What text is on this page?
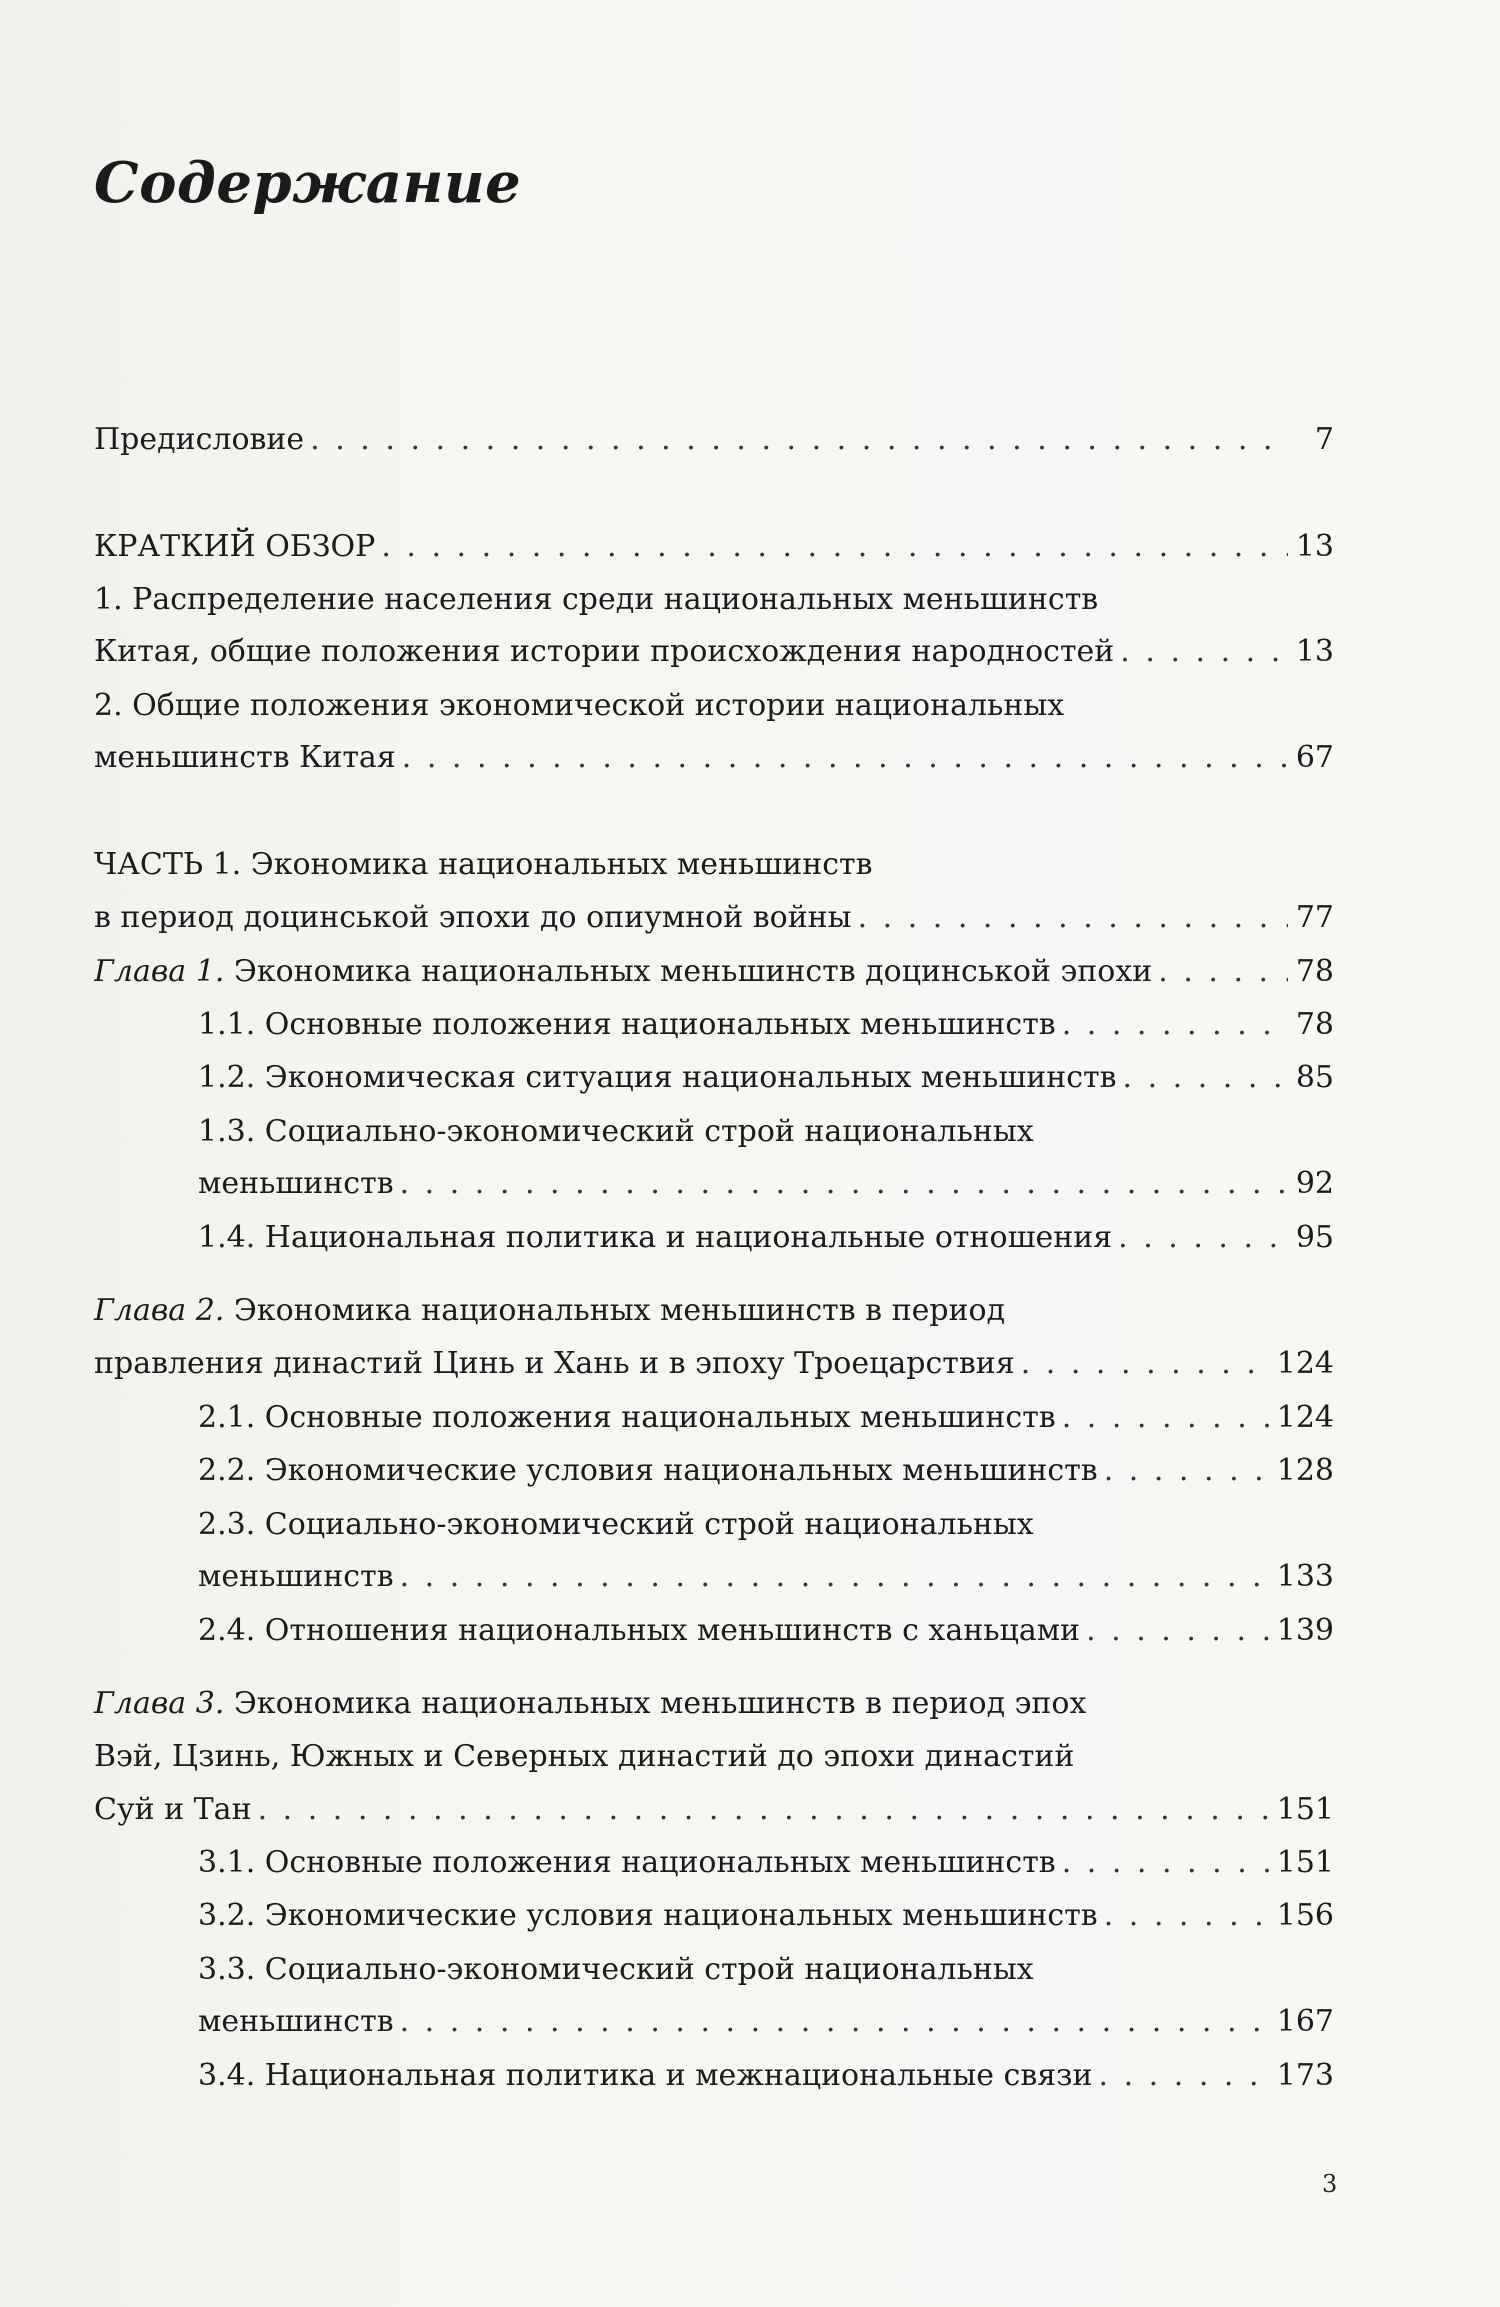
Содержание
Предисловие . . .	7
КРАТКИЙ ОБЗОР . . .	13
1. Распределение населения среди национальных меньшинств
Китая, общие положения истории происхождения народностей . . .	13
2. Общие положения экономической истории национальных
меньшинств Китая . . .	67
ЧАСТЬ 1. Экономика национальных меньшинств
в период доцинськой эпохи до опиумной войны . . .	77
Глава 1. Экономика национальных меньшинств доцинськой эпохи . . .	78
1.1. Основные положения национальных меньшинств . . .	78
1.2. Экономическая ситуация национальных меньшинств . . .	85
1.3. Социально-экономический строй национальных
меньшинств . . .	92
1.4. Национальная политика и национальные отношения . . .	95
Глава 2. Экономика национальных меньшинств в период
правления династий Цинь и Хань и в эпоху Троецарствия . . .	124
2.1. Основные положения национальных меньшинств . . .	124
2.2. Экономические условия национальных меньшинств . . .	128
2.3. Социально-экономический строй национальных
меньшинств . . .	133
2.4. Отношения национальных меньшинств с ханьцами . . .	139
Глава 3. Экономика национальных меньшинств в период эпох
Вэй, Цзинь, Южных и Северных династий до эпохи династий
Суй и Тан . . .	151
3.1. Основные положения национальных меньшинств . . .	151
3.2. Экономические условия национальных меньшинств . . .	156
3.3. Социально-экономический строй национальных
меньшинств . . .	167
3.4. Национальная политика и межнациональные связи . . .	173
3
